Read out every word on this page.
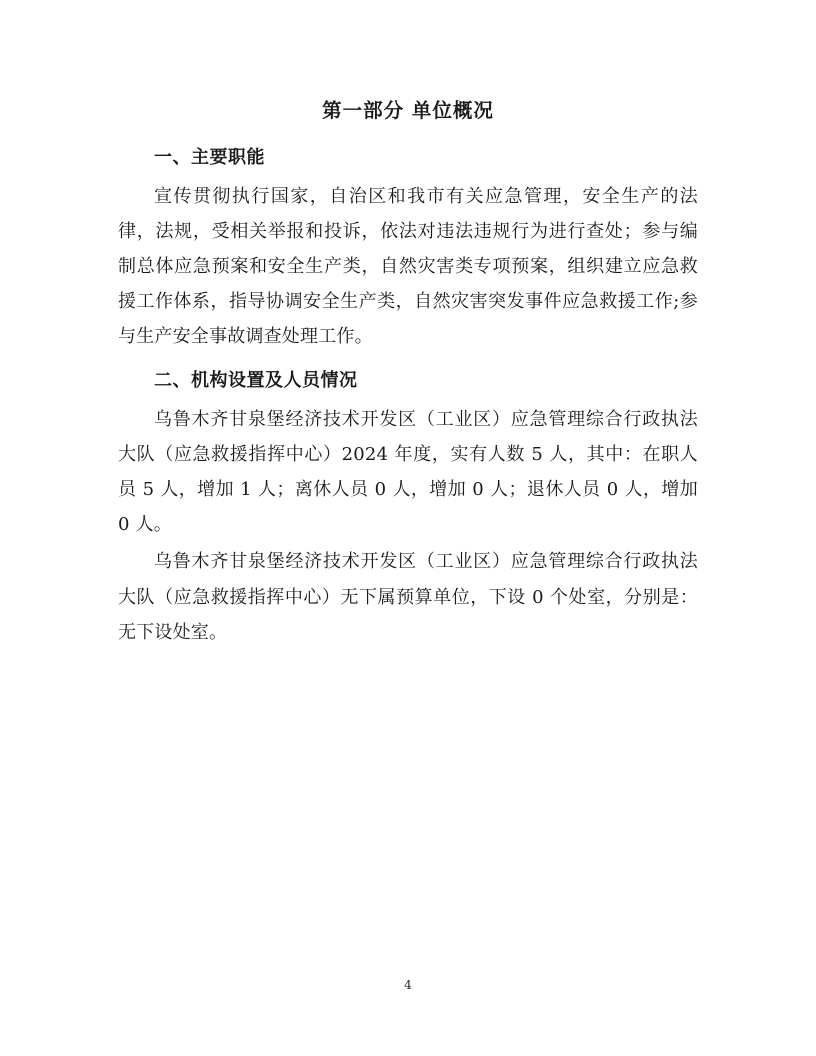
第一部分 单位概况
一、主要职能

宣传贯彻执行国家，自治区和我市有关应急管理，安全生产的法律，法规，受相关举报和投诉，依法对违法违规行为进行查处；参与编制总体应急预案和安全生产类，自然灾害类专项预案，组织建立应急救援工作体系，指导协调安全生产类，自然灾害突发事件应急救援工作;参与生产安全事故调查处理工作。

二、机构设置及人员情况

乌鲁木齐甘泉堡经济技术开发区（工业区）应急管理综合行政执法大队（应急救援指挥中心）2024 年度，实有人数 5 人，其中：在职人员 5 人，增加 1 人；离休人员 0 人，增加 0 人；退休人员 0 人，增加 0 人。

乌鲁木齐甘泉堡经济技术开发区（工业区）应急管理综合行政执法大队（应急救援指挥中心）无下属预算单位，下设 0 个处室，分别是：无下设处室。

4
